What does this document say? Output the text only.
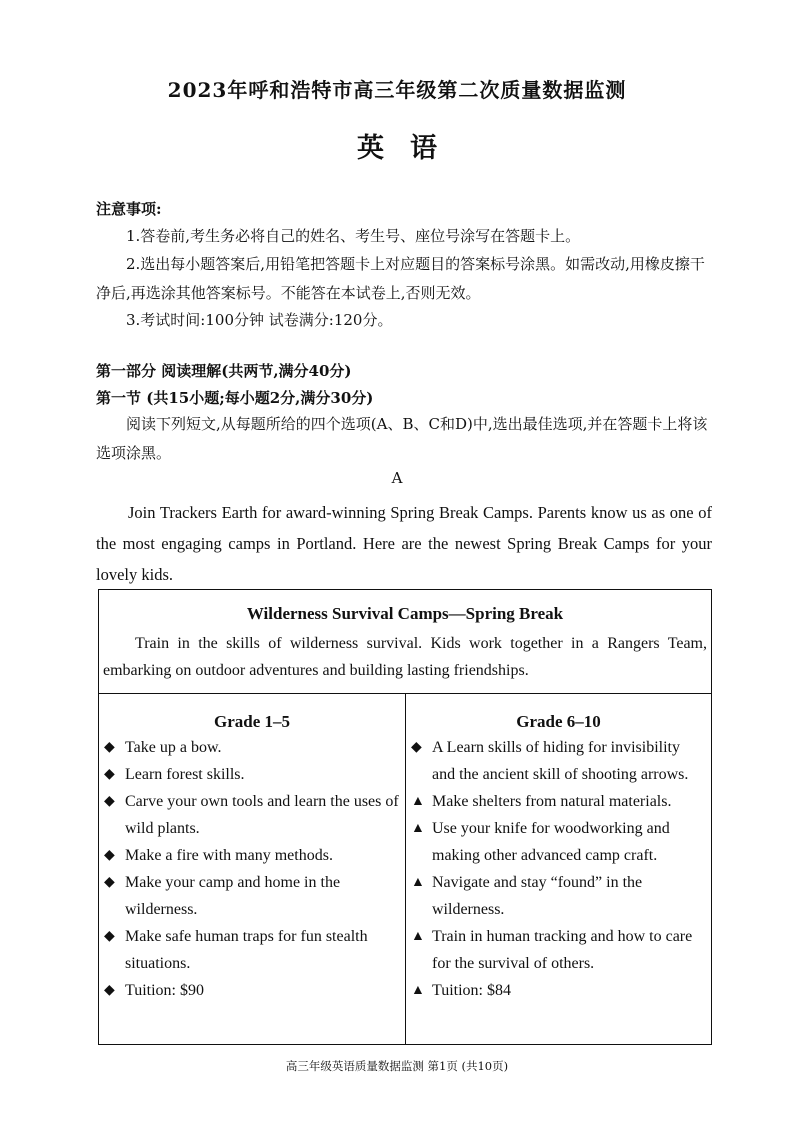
2023年呼和浩特市高三年级第二次质量数据监测
英语
注意事项:
1.答卷前,考生务必将自己的姓名、考生号、座位号涂写在答题卡上。
2.选出每小题答案后,用铅笔把答题卡上对应题目的答案标号涂黑。如需改动,用橡皮擦干净后,再选涂其他答案标号。不能答在本试卷上,否则无效。
3.考试时间:100分钟 试卷满分:120分。
第一部分 阅读理解(共两节,满分40分)
第一节 (共15小题;每小题2分,满分30分)
阅读下列短文,从每题所给的四个选项(A、B、C和D)中,选出最佳选项,并在答题卡上将该选项涂黑。
A
Join Trackers Earth for award-winning Spring Break Camps. Parents know us as one of the most engaging camps in Portland. Here are the newest Spring Break Camps for your lovely kids.
Wilderness Survival Camps—Spring Break
Train in the skills of wilderness survival. Kids work together in a Rangers Team, embarking on outdoor adventures and building lasting friendships.
Grade 1–5
◆ Take up a bow.
◆ Learn forest skills.
◆ Carve your own tools and learn the uses of wild plants.
◆ Make a fire with many methods.
◆ Make your camp and home in the wilderness.
◆ Make safe human traps for fun stealth situations.
◆ Tuition: $90
Grade 6–10
◆ A Learn skills of hiding for invisibility and the ancient skill of shooting arrows.
▲ Make shelters from natural materials.
▲ Use your knife for woodworking and making other advanced camp craft.
▲ Navigate and stay “found” in the wilderness.
▲ Train in human tracking and how to care for the survival of others.
▲ Tuition: $84
高三年级英语质量数据监测 第1页 (共10页)
